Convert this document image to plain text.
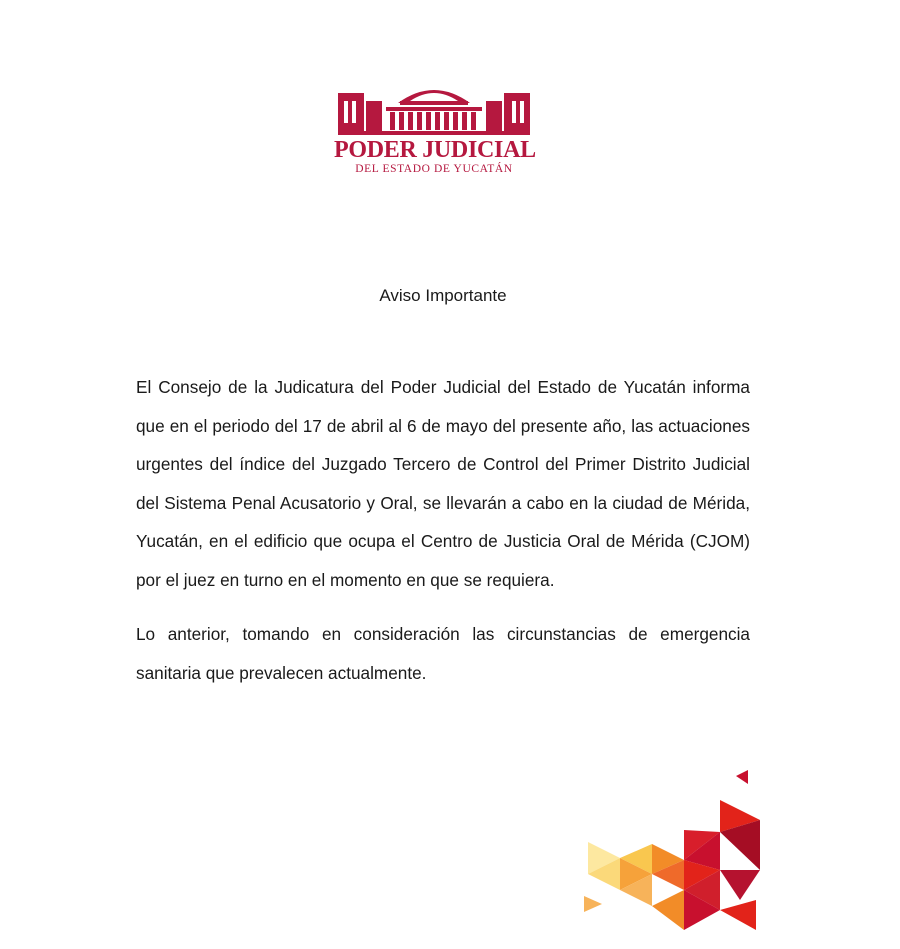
PODER JUDICIAL
DEL ESTADO DE YUCATÁN
Aviso Importante

El Consejo de la Judicatura del Poder Judicial del Estado de Yucatán informa que en el periodo del 17 de abril al 6 de mayo del presente año, las actuaciones urgentes del índice del Juzgado Tercero de Control del Primer Distrito Judicial del Sistema Penal Acusatorio y Oral, se llevarán a cabo en la ciudad de Mérida, Yucatán, en el edificio que ocupa el Centro de Justicia Oral de Mérida (CJOM) por el juez en turno en el momento en que se requiera.

Lo anterior, tomando en consideración las circunstancias de emergencia sanitaria que prevalecen actualmente.
